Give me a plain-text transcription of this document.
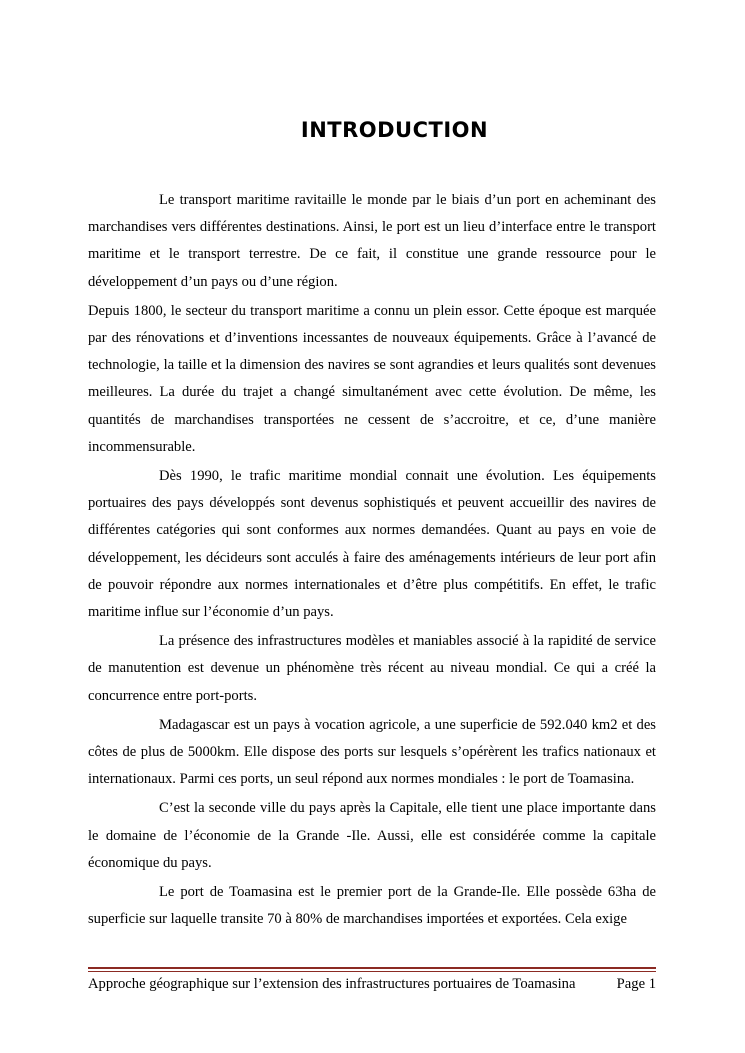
INTRODUCTION

Le transport maritime ravitaille le monde par le biais d’un port en acheminant des marchandises vers différentes destinations. Ainsi, le port est un lieu d’interface entre le transport maritime et le transport terrestre. De ce fait, il constitue une grande ressource pour le développement d’un pays ou d’une région.

Depuis 1800, le secteur du transport maritime a connu un plein essor. Cette époque est marquée par des rénovations et d’inventions incessantes de nouveaux équipements. Grâce à l’avancé de technologie, la taille et la dimension des navires se sont agrandies et leurs qualités sont devenues meilleures. La durée du trajet a changé simultanément avec cette évolution. De même, les quantités de marchandises transportées ne cessent de s’accroitre, et ce, d’une manière incommensurable.

Dès 1990, le trafic maritime mondial connait une évolution. Les équipements portuaires des pays développés sont devenus sophistiqués et peuvent accueillir des navires de différentes catégories qui sont conformes aux normes demandées. Quant au pays en voie de développement, les décideurs sont acculés à faire des aménagements intérieurs de leur port afin de pouvoir répondre aux normes internationales et d’être plus compétitifs. En effet, le trafic maritime influe sur l’économie d’un pays.

La présence des infrastructures modèles et maniables associé à la rapidité de service de manutention est devenue un phénomène très récent au niveau mondial. Ce qui a créé la concurrence entre port-ports.

Madagascar est un pays à vocation agricole, a une superficie de 592.040 km2 et des côtes de plus de 5000km. Elle dispose des ports sur lesquels s’opérèrent les trafics nationaux et internationaux. Parmi ces ports, un seul répond aux normes mondiales : le port de Toamasina.

C’est la seconde ville du pays après la Capitale, elle tient une place importante dans le domaine de l’économie de la Grande -Ile. Aussi, elle est considérée comme la capitale économique du pays.

Le port de Toamasina est le premier port de la Grande-Ile. Elle possède 63ha de superficie sur laquelle transite 70 à 80% de marchandises importées et exportées. Cela exige

Approche géographique sur l’extension des infrastructures portuaires de Toamasina	Page 1
